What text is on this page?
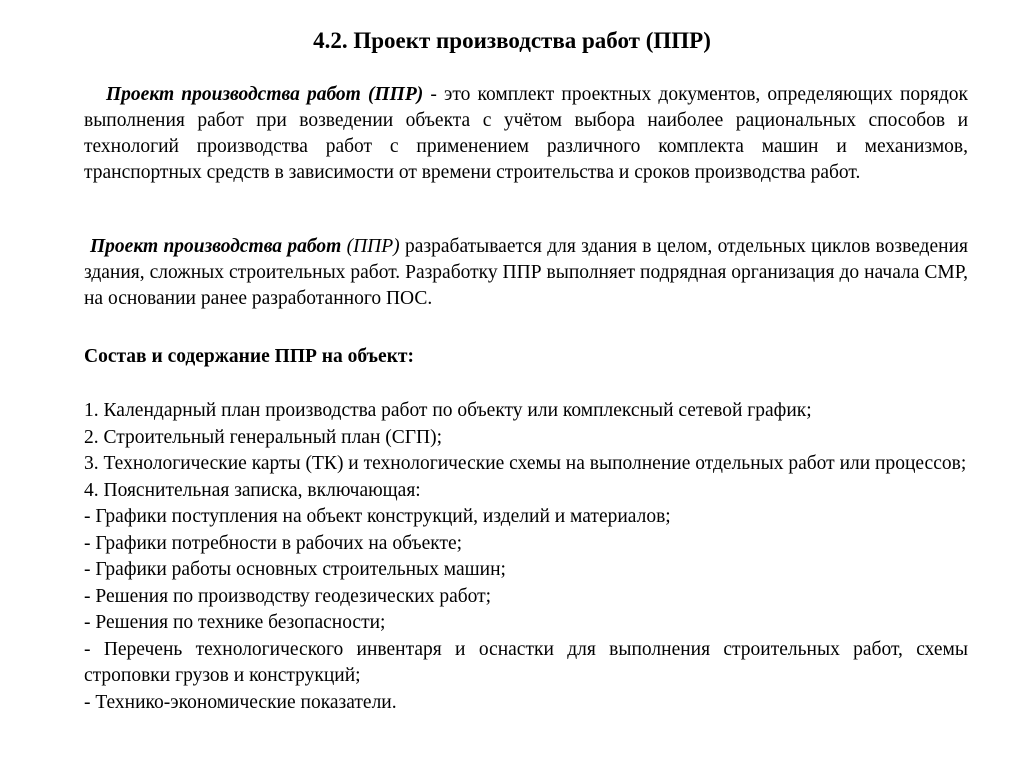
4.2. Проект производства работ (ППР)
Проект производства работ (ППР) - это комплект проектных документов, определяющих порядок выполнения работ при возведении объекта с учётом выбора наиболее рациональных способов и технологий производства работ с применением различного комплекта машин и механизмов, транспортных средств в зависимости от времени строительства и сроков производства работ.
Проект производства работ (ППР) разрабатывается для здания в целом, отдельных циклов возведения здания, сложных строительных работ. Разработку ППР выполняет подрядная организация до начала СМР, на основании ранее разработанного ПОС.
Состав и содержание ППР на объект:
1. Календарный план производства работ по объекту или комплексный сетевой график;
2. Строительный генеральный план (СГП);
3. Технологические карты (ТК) и технологические схемы на выполнение отдельных работ или процессов;
4. Пояснительная записка, включающая:
- Графики поступления на объект конструкций, изделий и материалов;
- Графики потребности в рабочих на объекте;
- Графики работы основных строительных машин;
- Решения по производству геодезических работ;
- Решения по технике безопасности;
- Перечень технологического инвентаря и оснастки для выполнения строительных работ, схемы строповки грузов и конструкций;
- Технико-экономические показатели.
